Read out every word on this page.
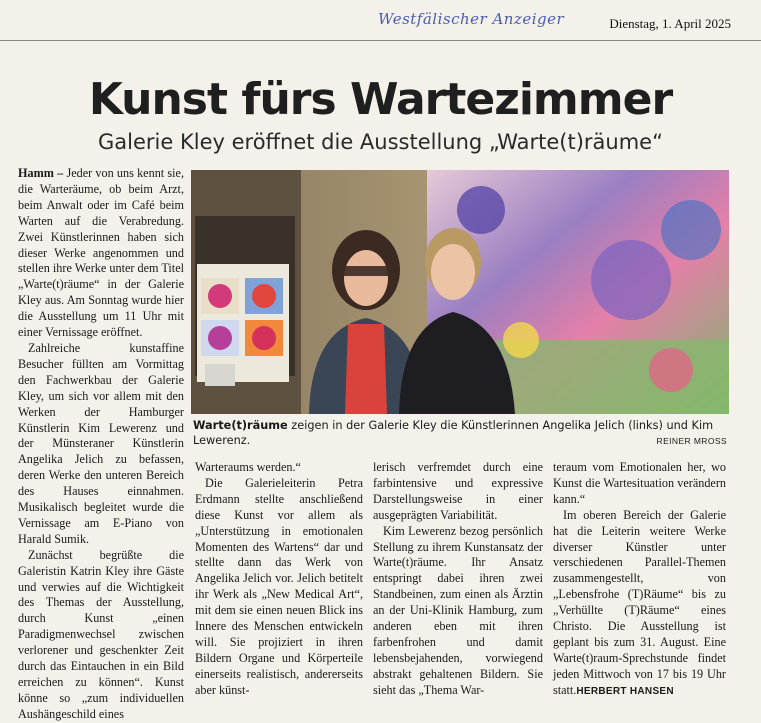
Westfälischer Anzeiger	Dienstag, 1. April 2025
Kunst fürs Wartezimmer
Galerie Kley eröffnet die Ausstellung „Warte(t)räume“

Hamm – Jeder von uns kennt sie, die Warteräume, ob beim Arzt, beim Anwalt oder im Café beim Warten auf die Verabredung. Zwei Künstlerinnen haben sich dieser Werke angenommen und stellen ihre Werke unter dem Titel „Warte(t)räume“ in der Galerie Kley aus. Am Sonntag wurde hier die Ausstellung um 11 Uhr mit einer Vernissage eröffnet.

Zahlreiche kunstaffine Besucher füllten am Vormittag den Fachwerkbau der Galerie Kley, um sich vor allem mit den Werken der Hamburger Künstlerin Kim Lewerenz und der Münsteraner Künstlerin Angelika Jelich zu befassen, deren Werke den unteren Bereich des Hauses einnahmen. Musikalisch begleitet wurde die Vernissage am E-Piano von Harald Sumik.

Zunächst begrüßte die Galeristin Katrin Kley ihre Gäste und verwies auf die Wichtigkeit des Themas der Ausstellung, durch Kunst „einen Paradigmenwechsel zwischen verlorener und geschenkter Zeit durch das Eintauchen in ein Bild erreichen zu können“. Kunst könne so „zum individuellen Aushängeschild eines

Warte(t)räume zeigen in der Galerie Kley die Künstlerinnen Angelika Jelich (links) und Kim Lewerenz.	REINER MROSS

Warteraums werden.“

Die Galerieleiterin Petra Erdmann stellte anschließend diese Kunst vor allem als „Unterstützung in emotionalen Momenten des Wartens“ dar und stellte dann das Werk von Angelika Jelich vor. Jelich betitelt ihr Werk als „New Medical Art“, mit dem sie einen neuen Blick ins Innere des Menschen entwickeln will. Sie projiziert in ihren Bildern Organe und Körperteile einerseits realistisch, andererseits aber künst-

lerisch verfremdet durch eine farbintensive und expressive Darstellungsweise in einer ausgeprägten Variabilität.

Kim Lewerenz bezog persönlich Stellung zu ihrem Kunstansatz der Warte(t)räume. Ihr Ansatz entspringt dabei ihren zwei Standbeinen, zum einen als Ärztin an der Uni-Klinik Hamburg, zum anderen eben mit ihren farbenfrohen und damit lebensbejahenden, vorwiegend abstrakt gehaltenen Bildern. Sie sieht das „Thema War-

teraum vom Emotionalen her, wo Kunst die Wartesituation verändern kann.“

Im oberen Bereich der Galerie hat die Leiterin weitere Werke diverser Künstler unter verschiedenen Parallel-Themen zusammengestellt, von „Lebensfrohe (T)Räume“ bis zu „Verhüllte (T)Räume“ eines Christo. Die Ausstellung ist geplant bis zum 31. August. Eine Warte(t)raum-Sprechstunde findet jeden Mittwoch von 17 bis 19 Uhr statt.HERBERT HANSEN
